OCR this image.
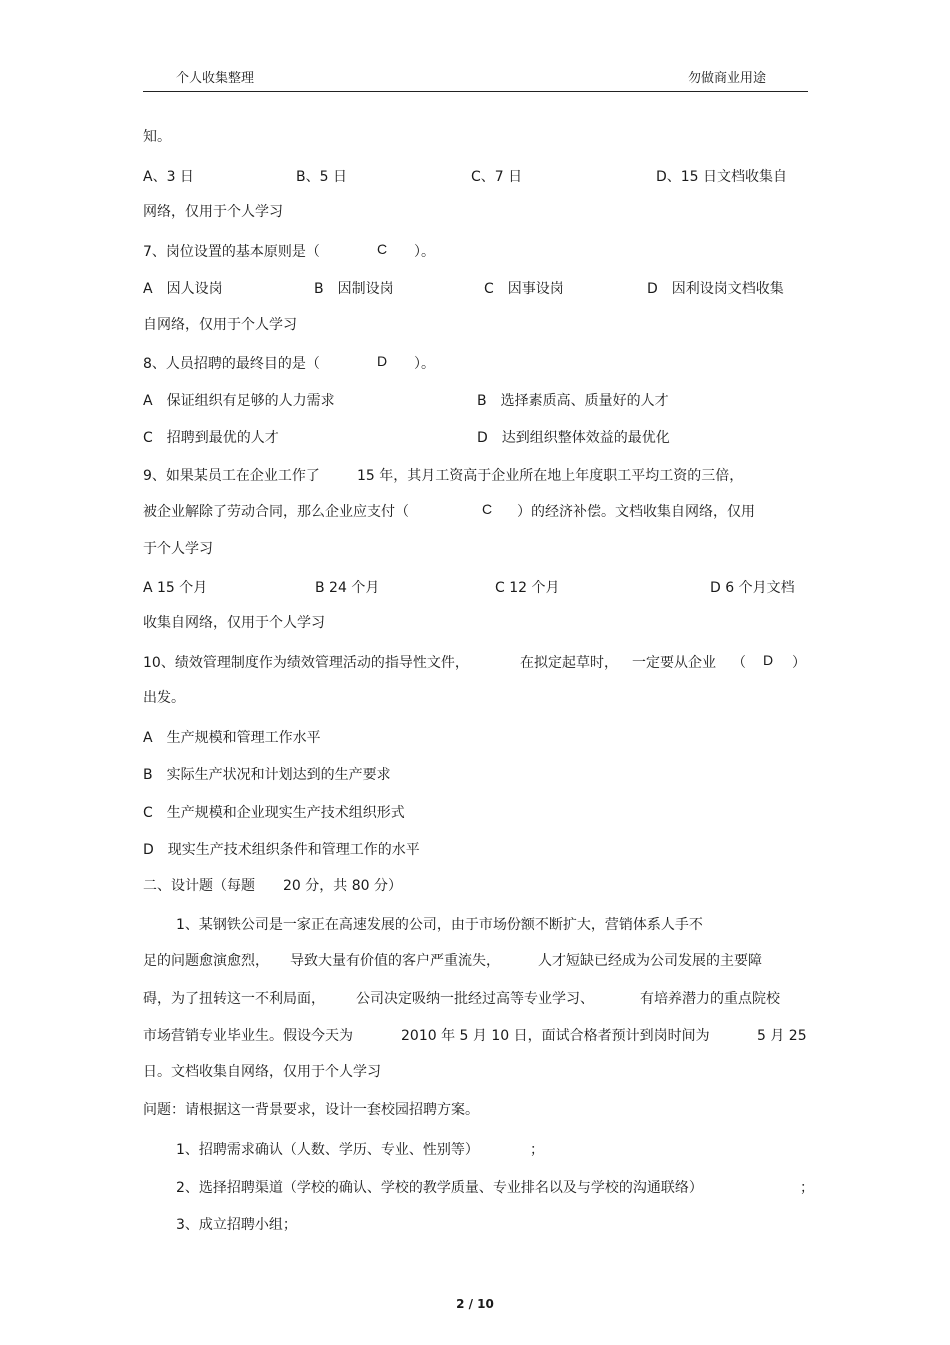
个人收集整理	勿做商业用途
知。
A、3 日	B、5 日	C、7 日	D、15 日文档收集自
网络，仅用于个人学习
7、岗位设置的基本原则是（	C ）。
A　因人设岗	B　因制设岗	C　因事设岗	D　因利设岗文档收集
自网络，仅用于个人学习
8、人员招聘的最终目的是（	D ）。
A　保证组织有足够的人力需求	B　选择素质高、质量好的人才
C　招聘到最优的人才	D　达到组织整体效益的最优化
9、如果某员工在企业工作了	15 年，其月工资高于企业所在地上年度职工平均工资的三倍，
被企业解除了劳动合同，那么企业应支付（	C ）的经济补偿。文档收集自网络，仅用
于个人学习
A 15 个月	B 24 个月	C 12 个月	D 6 个月文档
收集自网络，仅用于个人学习
10、绩效管理制度作为绩效管理活动的指导性文件，	在拟定起草时， 一定要从企业 （ D ）
出发。
A　生产规模和管理工作水平
B　实际生产状况和计划达到的生产要求
C　生产规模和企业现实生产技术组织形式
D　现实生产技术组织条件和管理工作的水平
二、设计题（每题 20 分，共 80 分）
1、某钢铁公司是一家正在高速发展的公司，由于市场份额不断扩大，营销体系人手不
足的问题愈演愈烈， 导致大量有价值的客户严重流失，	人才短缺已经成为公司发展的主要障
碍，为了扭转这一不利局面， 公司决定吸纳一批经过高等专业学习、	有培养潜力的重点院校
市场营销专业毕业生。假设今天为	2010 年 5 月 10 日，面试合格者预计到岗时间为	5 月 25
日。文档收集自网络，仅用于个人学习
问题：请根据这一背景要求，设计一套校园招聘方案。
1、招聘需求确认（人数、学历、专业、性别等）	；
2、选择招聘渠道（学校的确认、学校的教学质量、专业排名以及与学校的沟通联络）	；
3、成立招聘小组；
2 / 10
